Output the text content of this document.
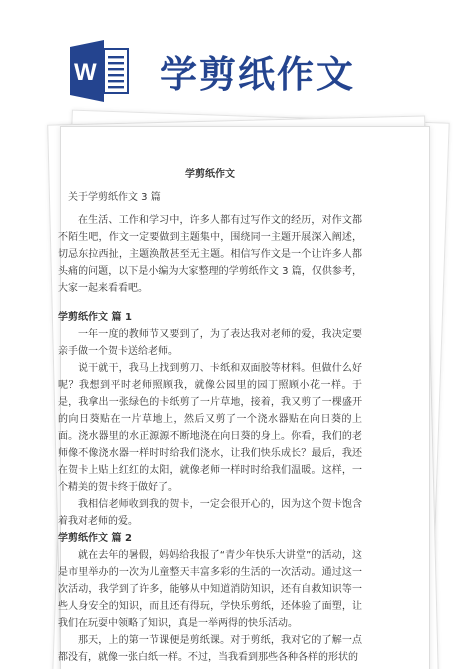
W 学剪纸作文

学剪纸作文

关于学剪纸作文 3 篇

在生活、工作和学习中，许多人都有过写作文的经历，对作文都不陌生吧，作文一定要做到主题集中，围绕同一主题开展深入阐述，切忌东拉西扯，主题涣散甚至无主题。相信写作文是一个让许多人都头痛的问题，以下是小编为大家整理的学剪纸作文 3 篇，仅供参考，大家一起来看看吧。

学剪纸作文 篇 1

一年一度的教师节又要到了，为了表达我对老师的爱，我决定要亲手做一个贺卡送给老师。

说干就干，我马上找到剪刀、卡纸和双面胶等材料。但做什么好呢？我想到平时老师照顾我，就像公园里的园丁照顾小花一样。于是，我拿出一张绿色的卡纸剪了一片草地，接着，我又剪了一棵盛开的向日葵贴在一片草地上，然后又剪了一个浇水器贴在向日葵的上面。浇水器里的水正源源不断地浇在向日葵的身上。你看，我们的老师像不像浇水器一样时时给我们浇水，让我们快乐成长？最后，我还在贺卡上贴上红红的太阳，就像老师一样时时给我们温暖。这样，一个精美的贺卡终于做好了。

我相信老师收到我的贺卡，一定会很开心的，因为这个贺卡饱含着我对老师的爱。

学剪纸作文 篇 2

就在去年的暑假，妈妈给我报了“青少年快乐大讲堂”的活动，这是市里举办的一次为儿童整天丰富多彩的生活的一次活动。通过这一次活动，我学到了许多，能够从中知道消防知识，还有自救知识等一些人身安全的知识，而且还有得玩，学快乐剪纸，还体验了面塑，让我们在玩耍中领略了知识，真是一举两得的快乐活动。

那天，上的第一节课便是剪纸课。对于剪纸，我对它的了解一点都没有，就像一张白纸一样。不过，当我看到那些各种各样的形状的
